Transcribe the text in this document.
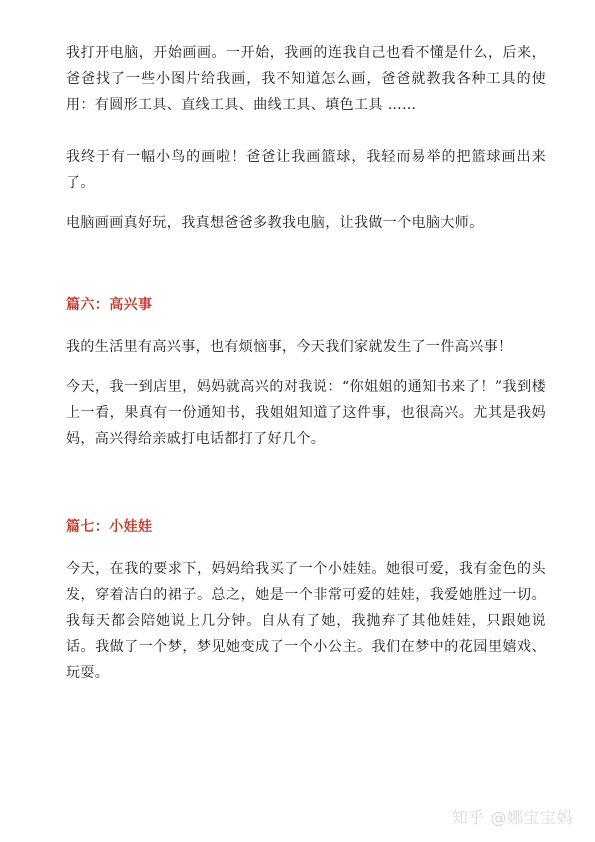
我打开电脑，开始画画。一开始，我画的连我自己也看不懂是什么，后来，爸爸找了一些小图片给我画，我不知道怎么画，爸爸就教我各种工具的使用：有圆形工具、直线工具、曲线工具、填色工具 ……

我终于有一幅小鸟的画啦！爸爸让我画篮球，我轻而易举的把篮球画出来了。

电脑画画真好玩，我真想爸爸多教我电脑，让我做一个电脑大师。

篇六：高兴事

我的生活里有高兴事，也有烦恼事，今天我们家就发生了一件高兴事！

今天，我一到店里，妈妈就高兴的对我说：“你姐姐的通知书来了！”我到楼上一看，果真有一份通知书，我姐姐知道了这件事，也很高兴。尤其是我妈妈，高兴得给亲戚打电话都打了好几个。

篇七：小娃娃

今天，在我的要求下，妈妈给我买了一个小娃娃。她很可爱，我有金色的头发，穿着洁白的裙子。总之，她是一个非常可爱的娃娃，我爱她胜过一切。我每天都会陪她说上几分钟。自从有了她，我抛弃了其他娃娃，只跟她说话。我做了一个梦，梦见她变成了一个小公主。我们在梦中的花园里嬉戏、玩耍。

知乎 @娜宝宝妈
